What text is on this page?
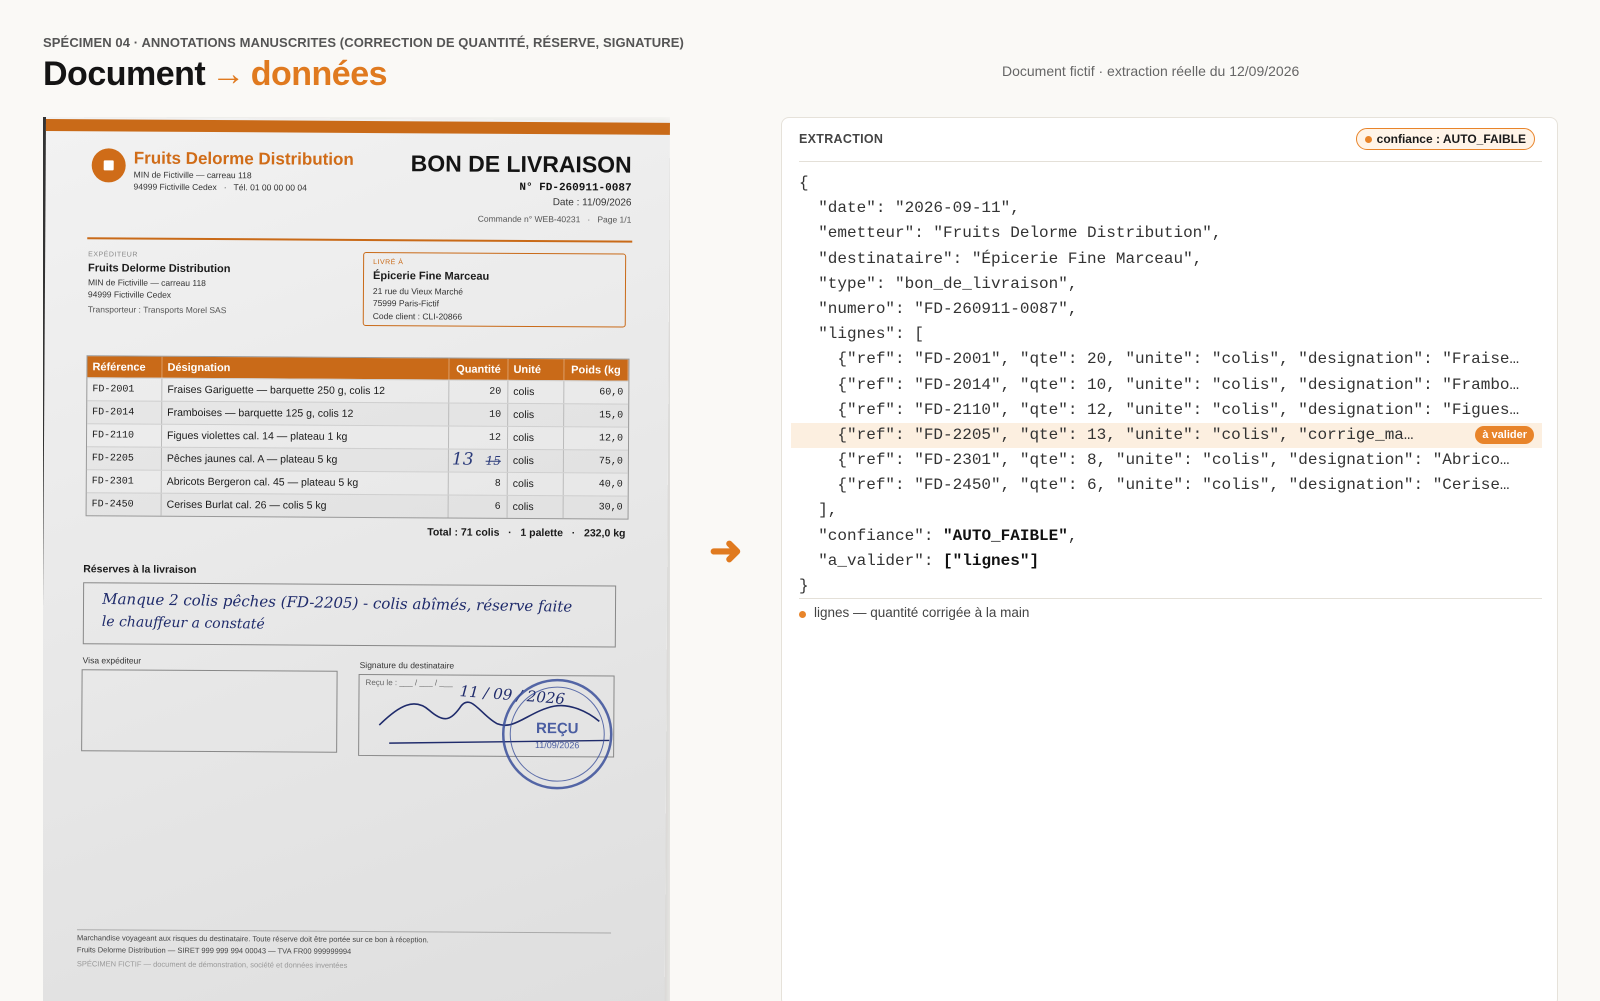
SPÉCIMEN 04 · ANNOTATIONS MANUSCRITES (CORRECTION DE QUANTITÉ, RÉSERVE, SIGNATURE)
Document → données	Document fictif · extraction réelle du 12/09/2026
Fruits Delorme Distribution
MIN de Fictiville — carreau 118
94999 Fictiville Cedex   ·   Tél. 01 00 00 00 04
BON DE LIVRAISON
N° FD-260911-0087
Date : 11/09/2026
Commande n° WEB-40231   ·   Page 1/1
EXPÉDITEUR
Fruits Delorme Distribution
MIN de Fictiville — carreau 118
94999 Fictiville Cedex
Transporteur : Transports Morel SAS
LIVRÉ À
Épicerie Fine Marceau
21 rue du Vieux Marché
75999 Paris-Fictif
Code client : CLI-20866
Référence	Désignation	Quantité	Unité	Poids (kg
FD-2001	Fraises Gariguette — barquette 250 g, colis 12	20	colis	60,0
FD-2014	Framboises — barquette 125 g, colis 12	10	colis	15,0
FD-2110	Figues violettes cal. 14 — plateau 1 kg	12	colis	12,0
FD-2205	Pêches jaunes cal. A — plateau 5 kg	13 15	colis	75,0
FD-2301	Abricots Bergeron cal. 45 — plateau 5 kg	8	colis	40,0
FD-2450	Cerises Burlat cal. 26 — colis 5 kg	6	colis	30,0
Total : 71 colis   ·   1 palette   ·   232,0 kg
Réserves à la livraison
Manque 2 colis pêches (FD-2205) - colis abîmés, réserve faite
le chauffeur a constaté
Visa expéditeur	Signature du destinataire
Reçu le : ___ / ___ / ___ 11 / 09 / 2026
REÇU
11/09/2026
Marchandise voyageant aux risques du destinataire. Toute réserve doit être portée sur ce bon à réception.
Fruits Delorme Distribution — SIRET 999 999 994 00043 — TVA FR00 999999994
SPÉCIMEN FICTIF — document de démonstration, société et données inventées
➜
EXTRACTION	confiance : AUTO_FAIBLE
{
"date": "2026-09-11",
"emetteur": "Fruits Delorme Distribution",
"destinataire": "Épicerie Fine Marceau",
"type": "bon_de_livraison",
"numero": "FD-260911-0087",
"lignes": [
{"ref": "FD-2001", "qte": 20, "unite": "colis", "designation": "Fraise…
{"ref": "FD-2014", "qte": 10, "unite": "colis", "designation": "Frambo…
{"ref": "FD-2110", "qte": 12, "unite": "colis", "designation": "Figues…
{"ref": "FD-2205", "qte": 13, "unite": "colis", "corrige_ma…	à valider
{"ref": "FD-2301", "qte": 8, "unite": "colis", "designation": "Abrico…
{"ref": "FD-2450", "qte": 6, "unite": "colis", "designation": "Cerise…
],
"confiance": "AUTO_FAIBLE",
"a_valider": ["lignes"]
}
lignes — quantité corrigée à la main
